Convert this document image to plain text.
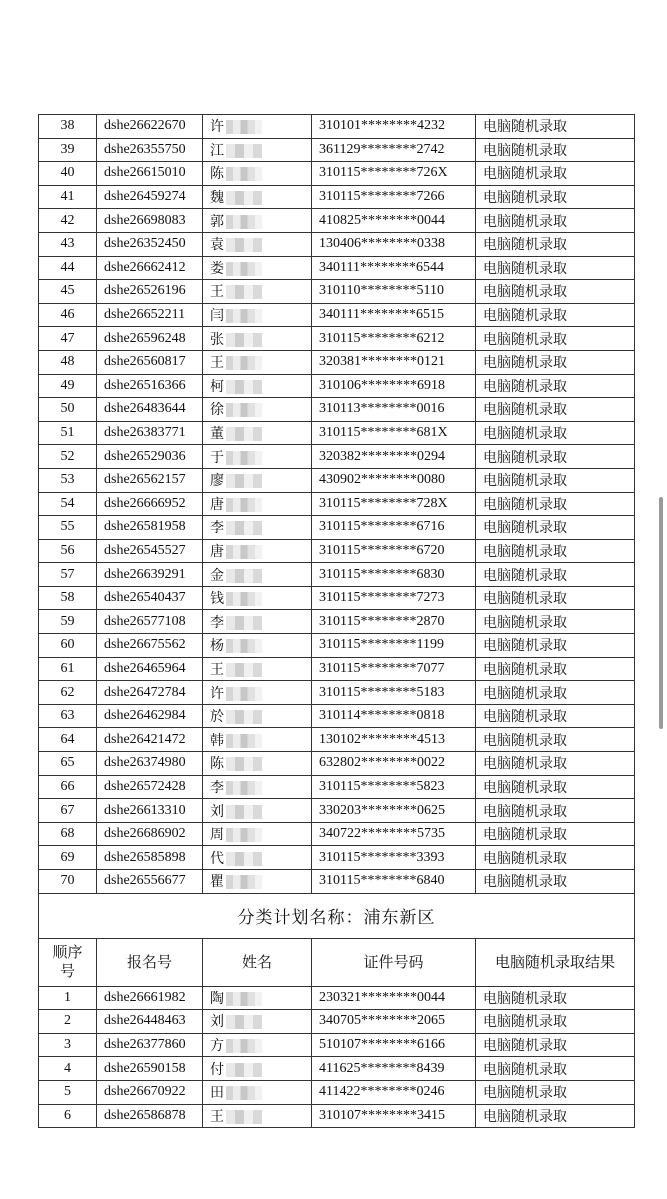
38	dshe26622670	许	310101********4232	电脑随机录取
39	dshe26355750	江	361129********2742	电脑随机录取
40	dshe26615010	陈	310115********726X	电脑随机录取
41	dshe26459274	魏	310115********7266	电脑随机录取
42	dshe26698083	郭	410825********0044	电脑随机录取
43	dshe26352450	袁	130406********0338	电脑随机录取
44	dshe26662412	娄	340111********6544	电脑随机录取
45	dshe26526196	王	310110********5110	电脑随机录取
46	dshe26652211	闫	340111********6515	电脑随机录取
47	dshe26596248	张	310115********6212	电脑随机录取
48	dshe26560817	王	320381********0121	电脑随机录取
49	dshe26516366	柯	310106********6918	电脑随机录取
50	dshe26483644	徐	310113********0016	电脑随机录取
51	dshe26383771	董	310115********681X	电脑随机录取
52	dshe26529036	于	320382********0294	电脑随机录取
53	dshe26562157	廖	430902********0080	电脑随机录取
54	dshe26666952	唐	310115********728X	电脑随机录取
55	dshe26581958	李	310115********6716	电脑随机录取
56	dshe26545527	唐	310115********6720	电脑随机录取
57	dshe26639291	金	310115********6830	电脑随机录取
58	dshe26540437	钱	310115********7273	电脑随机录取
59	dshe26577108	李	310115********2870	电脑随机录取
60	dshe26675562	杨	310115********1199	电脑随机录取
61	dshe26465964	王	310115********7077	电脑随机录取
62	dshe26472784	许	310115********5183	电脑随机录取
63	dshe26462984	於	310114********0818	电脑随机录取
64	dshe26421472	韩	130102********4513	电脑随机录取
65	dshe26374980	陈	632802********0022	电脑随机录取
66	dshe26572428	李	310115********5823	电脑随机录取
67	dshe26613310	刘	330203********0625	电脑随机录取
68	dshe26686902	周	340722********5735	电脑随机录取
69	dshe26585898	代	310115********3393	电脑随机录取
70	dshe26556677	瞿	310115********6840	电脑随机录取
分类计划名称：浦东新区				
顺序号	报名号	姓名	证件号码	电脑随机录取结果
1	dshe26661982	陶	230321********0044	电脑随机录取
2	dshe26448463	刘	340705********2065	电脑随机录取
3	dshe26377860	方	510107********6166	电脑随机录取
4	dshe26590158	付	411625********8439	电脑随机录取
5	dshe26670922	田	411422********0246	电脑随机录取
6	dshe26586878	王	310107********3415	电脑随机录取
